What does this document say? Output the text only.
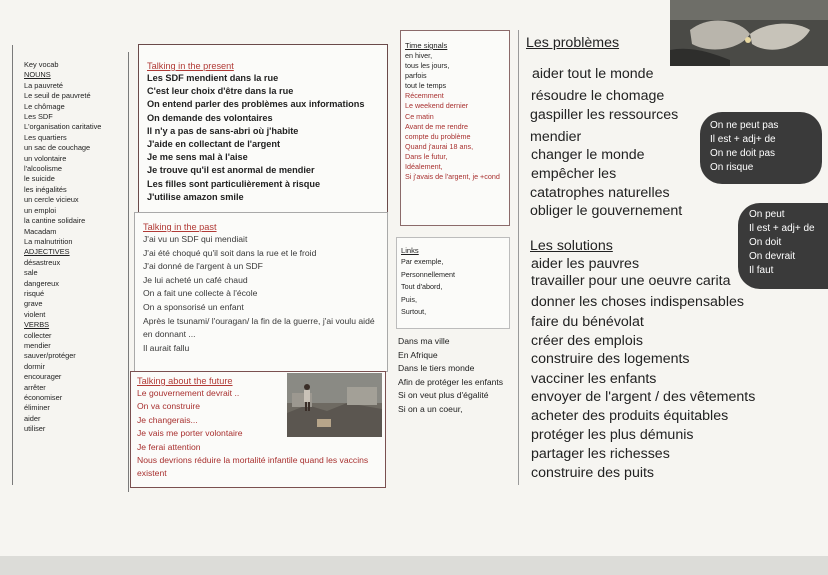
Key vocab
NOUNS
La pauvreté
Le seuil de pauvreté
Le chômage
Les SDF
L'organisation caritative
Les quartiers
un sac de couchage
un volontaire
l'alcoolisme
le suicide
les inégalités
un cercle vicieux
un emploi
la cantine solidaire
Macadam
La malnutrition
ADJECTIVES
désastreux
sale
dangereux
risqué
grave
violent
VERBS
collecter
mendier
sauver/protéger
dormir
encourager
arrêter
économiser
éliminer
aider
utiliser
Talking in the present
Les SDF mendient dans la rue
C'est leur choix d'être dans la rue
On entend parler des problèmes aux informations
On demande des volontaires
Il n'y a pas de sans-abri où j'habite
J'aide en collectant de l'argent
Je me sens mal à l'aise
Je trouve qu'il est anormal de mendier
Les filles sont particulièrement à risque
J'utilise amazon smile
Talking in the past
J'ai vu un SDF qui mendiait
J'ai été choqué qu'il soit dans la rue et le froid
J'ai donné de l'argent à un SDF
Je lui acheté un café chaud
On a fait une collecte à l'école
On a sponsorisé un enfant
Après le tsunami/ l'ouragan/ la fin de la guerre, j'ai voulu aidé en donnant ...
Il aurait fallu
Talking about the future
Le gouvernement devrait ..
On va construire
Je changerais...
Je vais me porter volontaire
Je ferai attention
Nous devrions réduire la mortalité infantile quand les vaccins existent
Time signals
en hiver,
tous les jours,
parfois
tout le temps
Récemment
Le weekend dernier
Ce matin
Avant de me rendre compte du problème
Quand j'aurai 18 ans,
Dans le futur,
Idéalement,
Si j'avais de l'argent, je +cond
Links
Par exemple,
Personnellement
Tout d'abord,
Puis,
Surtout,
Dans ma ville
En Afrique
Dans le tiers monde
Afin de protéger les enfants
Si on veut plus d'égalité
Si on a un coeur,
Les problèmes
aider tout le monde
résoudre le chomage
gaspiller les ressources
mendier
changer le monde
empêcher les
catatrophes naturelles
obliger le gouvernement
On ne peut pas
Il est + adj+ de
On ne doit pas
On risque
Les solutions
aider les pauvres
travailler pour une oeuvre carita
donner les choses indispensables
faire du bénévolat
créer des emplois
construire des logements
vacciner les enfants
envoyer de l'argent / des vêtements
acheter des produits équitables
protéger les plus démunis
partager les richesses
construire des puits
On peut
Il est + adj+ de
On doit
On devrait
Il faut
